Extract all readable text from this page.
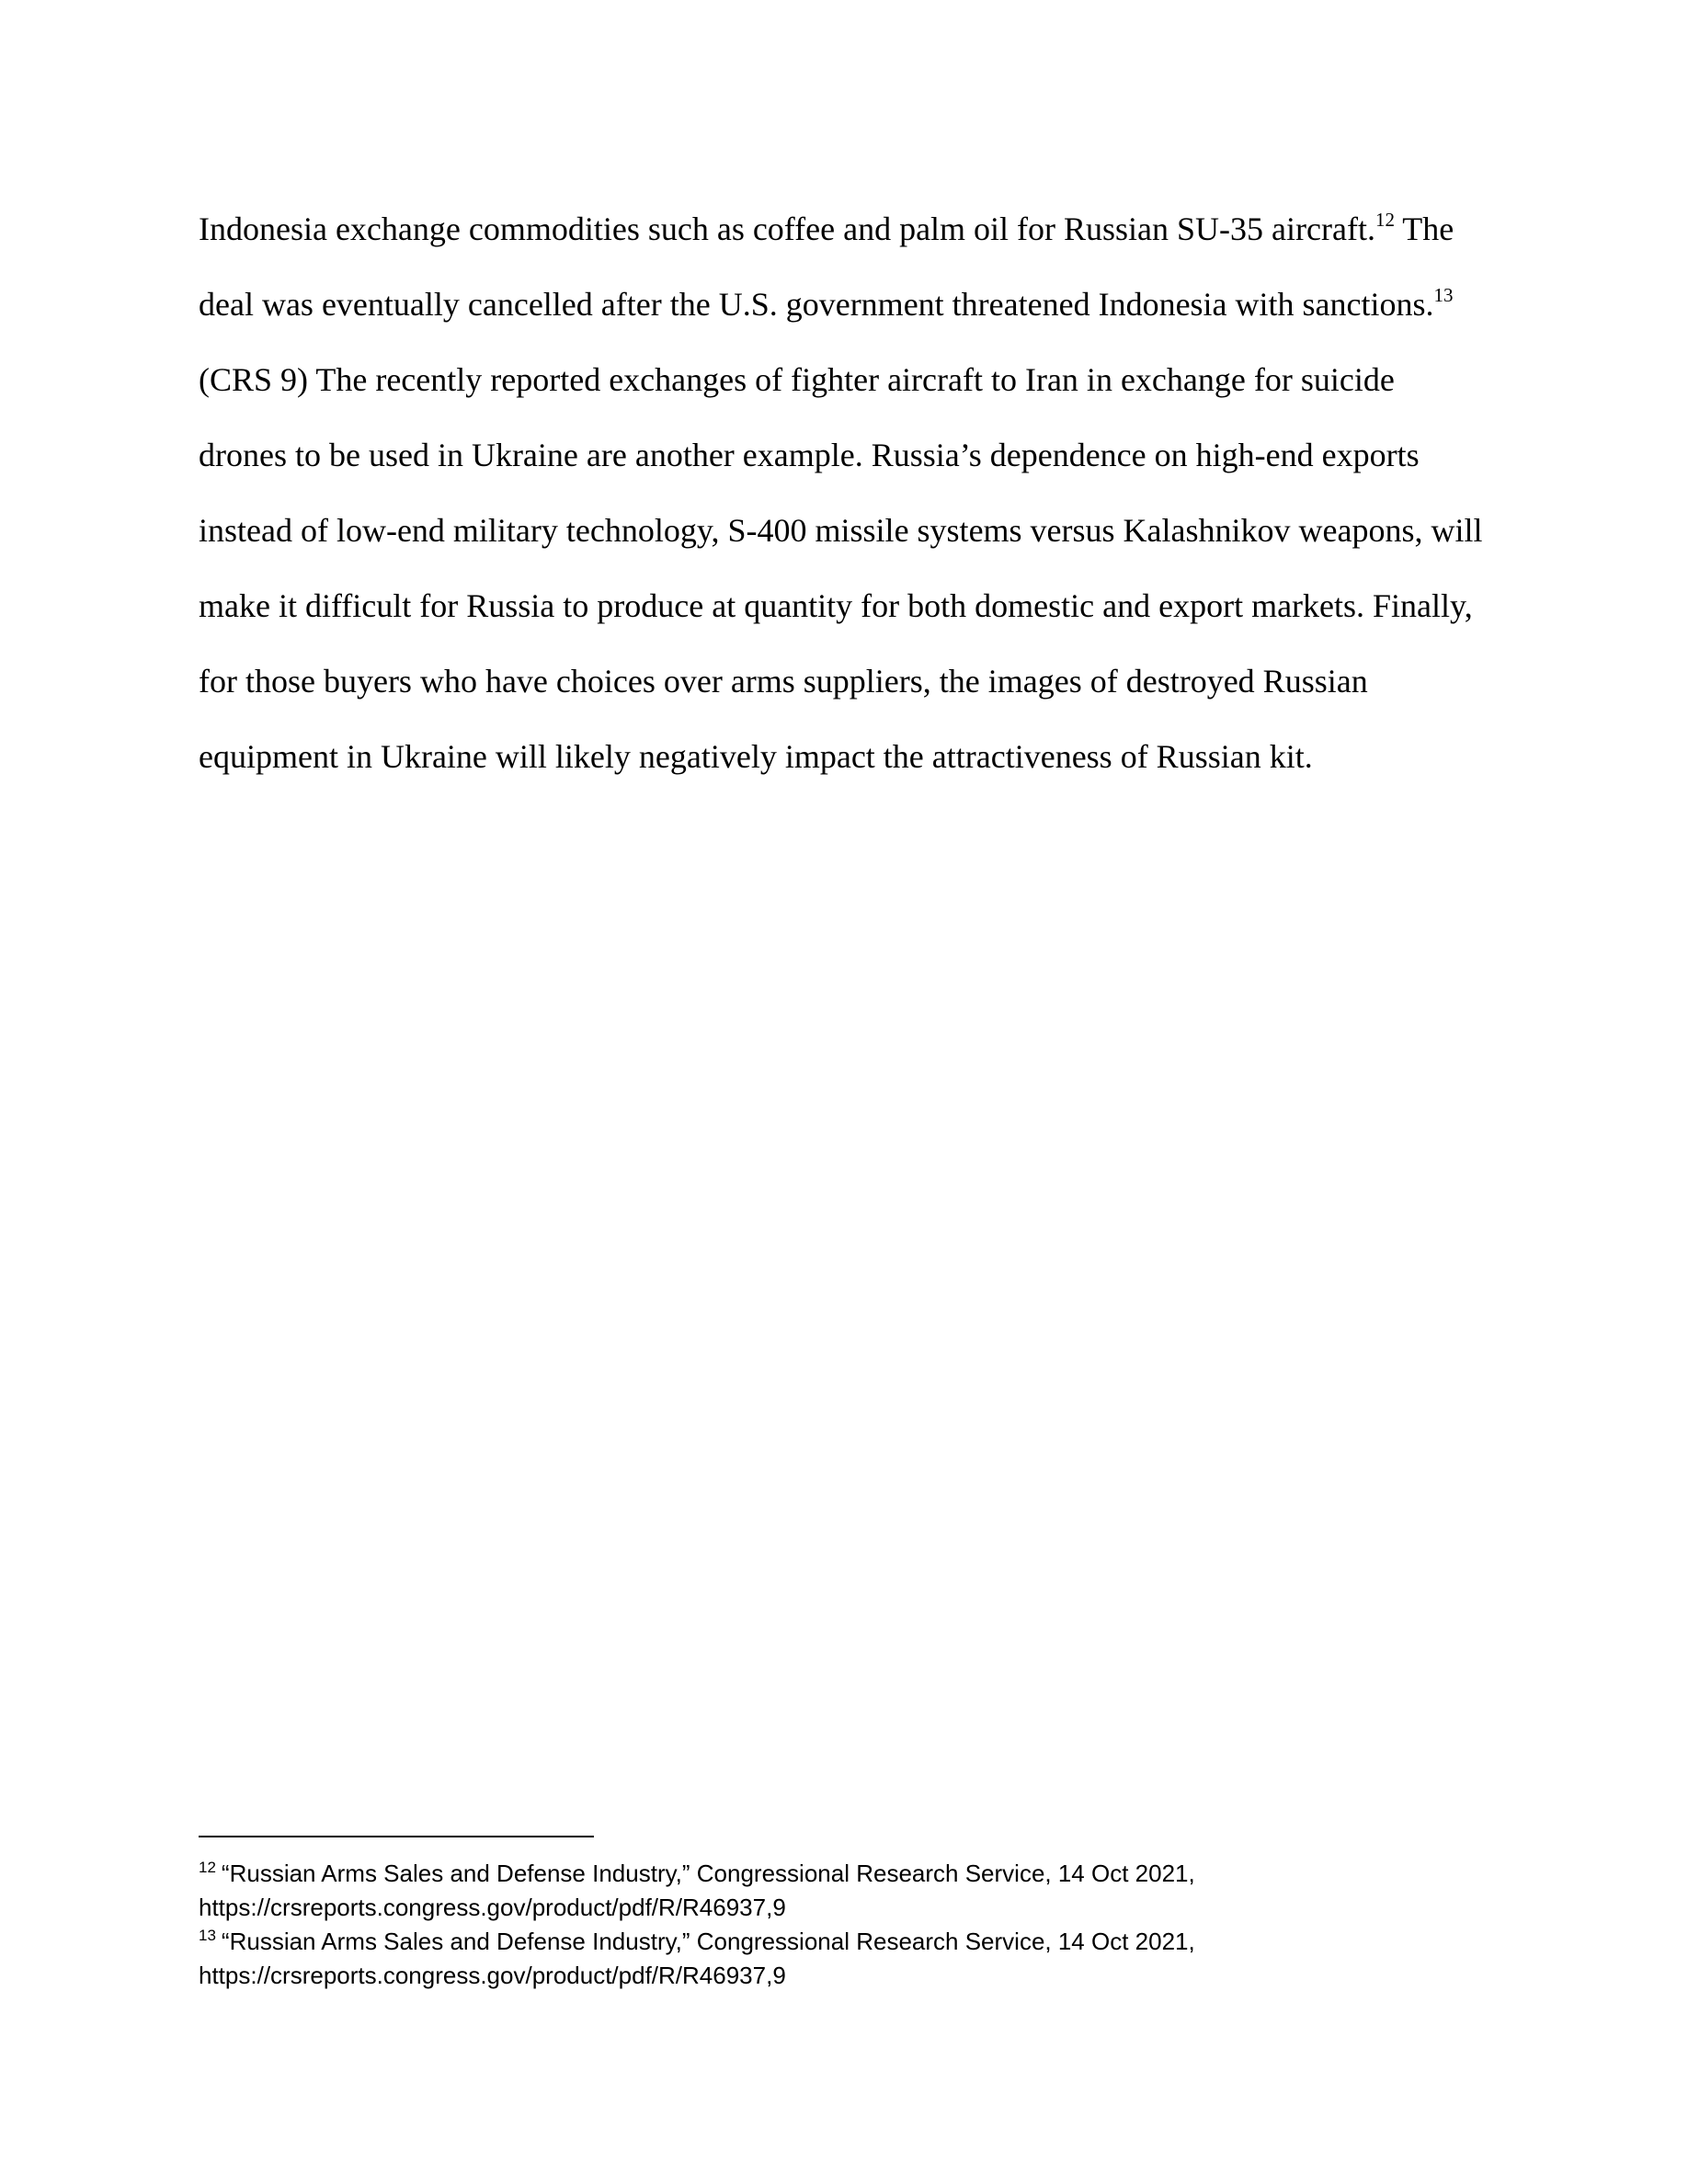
Indonesia exchange commodities such as coffee and palm oil for Russian SU-35 aircraft.$^{12}$ The
deal was eventually cancelled after the U.S. government threatened Indonesia with sanctions.$^{13}$
(CRS 9) The recently reported exchanges of fighter aircraft to Iran in exchange for suicide
drones to be used in Ukraine are another example. Russia’s dependence on high-end exports
instead of low-end military technology, S-400 missile systems versus Kalashnikov weapons, will
make it difficult for Russia to produce at quantity for both domestic and export markets. Finally,
for those buyers who have choices over arms suppliers, the images of destroyed Russian
equipment in Ukraine will likely negatively impact the attractiveness of Russian kit.
$^{12}$ “Russian Arms Sales and Defense Industry,” Congressional Research Service, 14 Oct 2021,
https://crsreports.congress.gov/product/pdf/R/R46937,9
$^{13}$ “Russian Arms Sales and Defense Industry,” Congressional Research Service, 14 Oct 2021,
https://crsreports.congress.gov/product/pdf/R/R46937,9
